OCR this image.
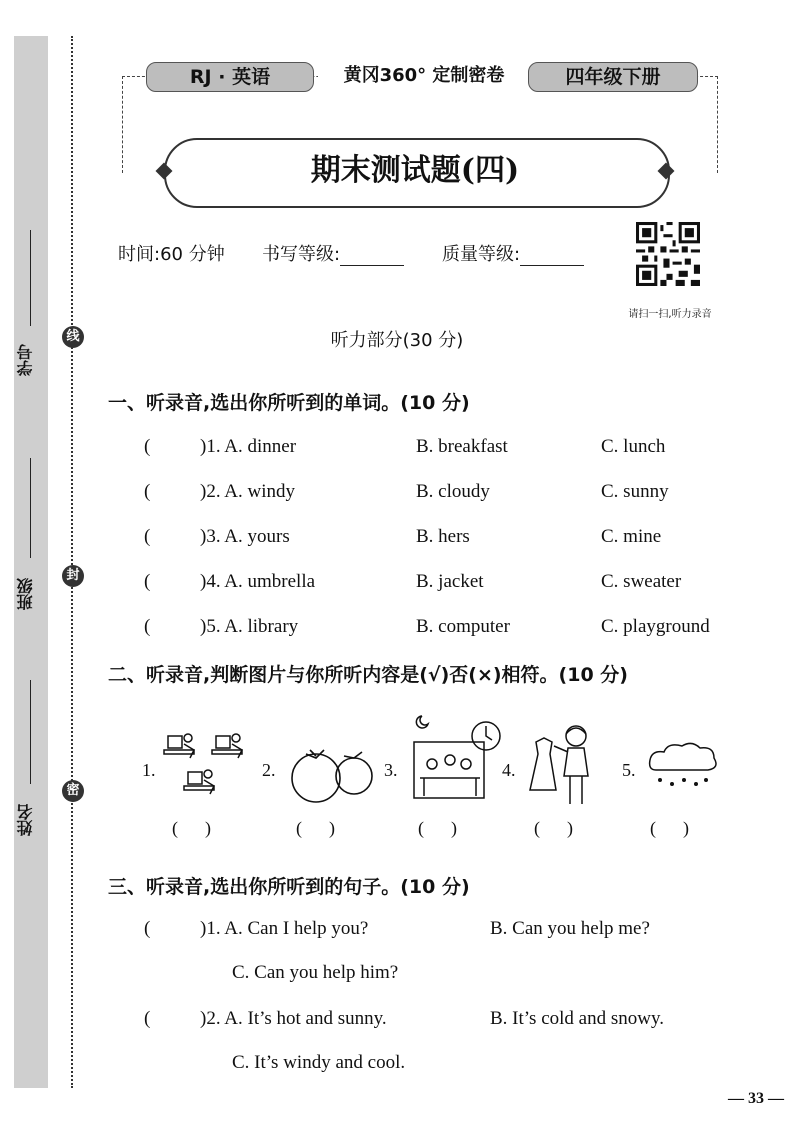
学号
班级
姓名
线
封
密
RJ · 英语	黄冈360° 定制密卷	四年级下册
期末测试题(四)
时间:60 分钟 书写等级:	质量等级:
请扫一扫,听力录音
听力部分(30 分)
一、听录音,选出你所听到的单词。(10 分)
(	)1. A. dinner	B. breakfast	C. lunch
(	)2. A. windy	B. cloudy	C. sunny
(	)3. A. yours	B. hers	C. mine
(	)4. A. umbrella	B. jacket	C. sweater
(	)5. A. library	B. computer	C. playground
二、听录音,判断图片与你所听内容是(√)否(×)相符。(10 分)
1.
(      )
2.
(      )
3.
(      )
4.
(      )
5.
(      )
三、听录音,选出你所听到的句子。(10 分)
(	)1. A. Can I help you?	B. Can you help me?
C. Can you help him?
(	)2. A. It’s hot and sunny.	B. It’s cold and snowy.
C. It’s windy and cool.
— 33 —
